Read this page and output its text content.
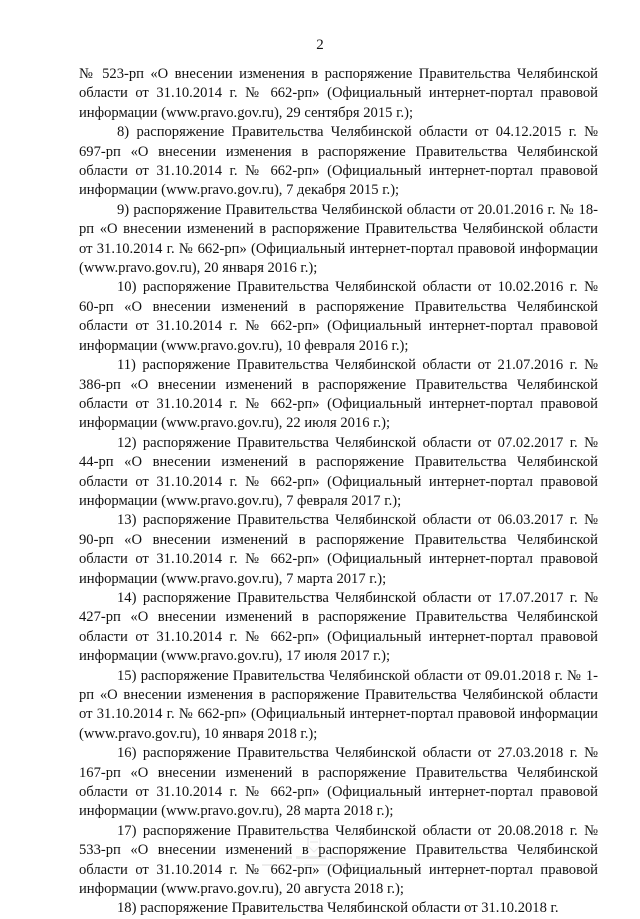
2

№ 523-рп «О внесении изменения в распоряжение Правительства Челябинской области от 31.10.2014 г. № 662-рп» (Официальный интернет-портал правовой информации (www.pravo.gov.ru), 29 сентября 2015 г.);

8) распоряжение Правительства Челябинской области от 04.12.2015 г. № 697-рп «О внесении изменения в распоряжение Правительства Челябинской области от 31.10.2014 г. № 662-рп» (Официальный интернет-портал правовой информации (www.pravo.gov.ru), 7 декабря 2015 г.);

9) распоряжение Правительства Челябинской области от 20.01.2016 г. № 18-рп «О внесении изменений в распоряжение Правительства Челябинской области от 31.10.2014 г. № 662-рп» (Официальный интернет-портал правовой информации (www.pravo.gov.ru), 20 января 2016 г.);

10) распоряжение Правительства Челябинской области от 10.02.2016 г. № 60-рп «О внесении изменений в распоряжение Правительства Челябинской области от 31.10.2014 г. № 662-рп» (Официальный интернет-портал правовой информации (www.pravo.gov.ru), 10 февраля 2016 г.);

11) распоряжение Правительства Челябинской области от 21.07.2016 г. № 386-рп «О внесении изменений в распоряжение Правительства Челябинской области от 31.10.2014 г. № 662-рп» (Официальный интернет-портал правовой информации (www.pravo.gov.ru), 22 июля 2016 г.);

12) распоряжение Правительства Челябинской области от 07.02.2017 г. № 44-рп «О внесении изменений в распоряжение Правительства Челябинской области от 31.10.2014 г. № 662-рп» (Официальный интернет-портал правовой информации (www.pravo.gov.ru), 7 февраля 2017 г.);

13) распоряжение Правительства Челябинской области от 06.03.2017 г. № 90-рп «О внесении изменений в распоряжение Правительства Челябинской области от 31.10.2014 г. № 662-рп» (Официальный интернет-портал правовой информации (www.pravo.gov.ru), 7 марта 2017 г.);

14) распоряжение Правительства Челябинской области от 17.07.2017 г. № 427-рп «О внесении изменений в распоряжение Правительства Челябинской области от 31.10.2014 г. № 662-рп» (Официальный интернет-портал правовой информации (www.pravo.gov.ru), 17 июля 2017 г.);

15) распоряжение Правительства Челябинской области от 09.01.2018 г. № 1-рп «О внесении изменения в распоряжение Правительства Челябинской области от 31.10.2014 г. № 662-рп» (Официальный интернет-портал правовой информации (www.pravo.gov.ru), 10 января 2018 г.);

16) распоряжение Правительства Челябинской области от 27.03.2018 г. № 167-рп «О внесении изменений в распоряжение Правительства Челябинской области от 31.10.2014 г. № 662-рп» (Официальный интернет-портал правовой информации (www.pravo.gov.ru), 28 марта 2018 г.);

17) распоряжение Правительства Челябинской области от 20.08.2018 г. № 533-рп «О внесении изменений в распоряжение Правительства Челябинской области от 31.10.2014 г. № 662-рп» (Официальный интернет-портал правовой информации (www.pravo.gov.ru), 20 августа 2018 г.);

18) распоряжение Правительства Челябинской области от 31.10.2018 г.
